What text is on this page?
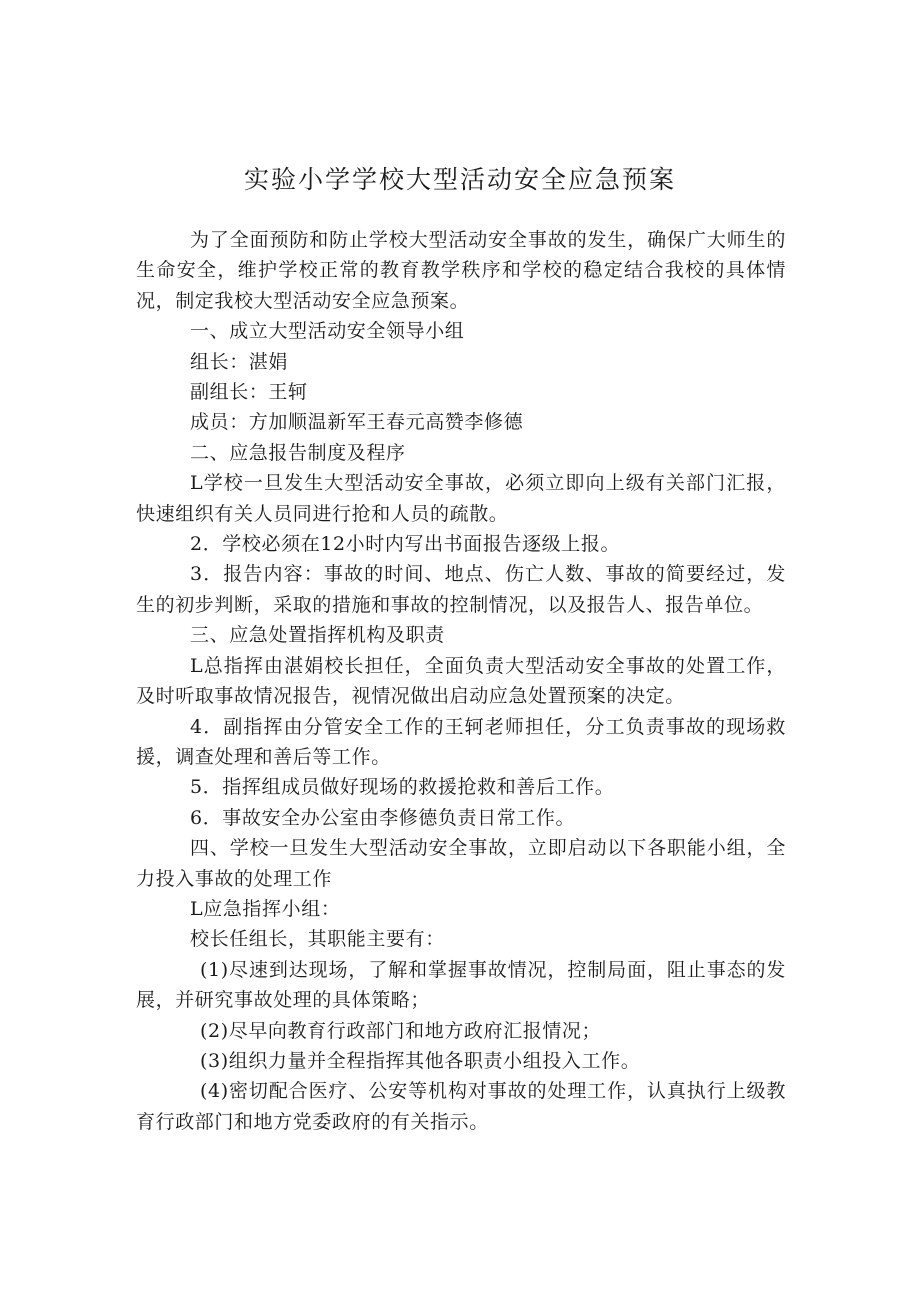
实验小学学校大型活动安全应急预案

为了全面预防和防止学校大型活动安全事故的发生，确保广大师生的生命安全，维护学校正常的教育教学秩序和学校的稳定结合我校的具体情况，制定我校大型活动安全应急预案。

一、成立大型活动安全领导小组

组长：湛娟

副组长：王轲

成员：方加顺温新军王春元高赞李修德

二、应急报告制度及程序

L学校一旦发生大型活动安全事故，必须立即向上级有关部门汇报，快速组织有关人员同进行抢和人员的疏散。

2．学校必须在12小时内写出书面报告逐级上报。

3．报告内容：事故的时间、地点、伤亡人数、事故的简要经过，发生的初步判断，采取的措施和事故的控制情况，以及报告人、报告单位。

三、应急处置指挥机构及职责

L总指挥由湛娟校长担任，全面负责大型活动安全事故的处置工作，及时听取事故情况报告，视情况做出启动应急处置预案的决定。

4．副指挥由分管安全工作的王轲老师担任，分工负责事故的现场救援，调查处理和善后等工作。

5．指挥组成员做好现场的救援抢救和善后工作。

6．事故安全办公室由李修德负责日常工作。

四、学校一旦发生大型活动安全事故，立即启动以下各职能小组，全力投入事故的处理工作

L应急指挥小组：

校长任组长，其职能主要有：

(1)尽速到达现场，了解和掌握事故情况，控制局面，阻止事态的发展，并研究事故处理的具体策略；

(2)尽早向教育行政部门和地方政府汇报情况；

(3)组织力量并全程指挥其他各职责小组投入工作。

(4)密切配合医疗、公安等机构对事故的处理工作，认真执行上级教育行政部门和地方党委政府的有关指示。
